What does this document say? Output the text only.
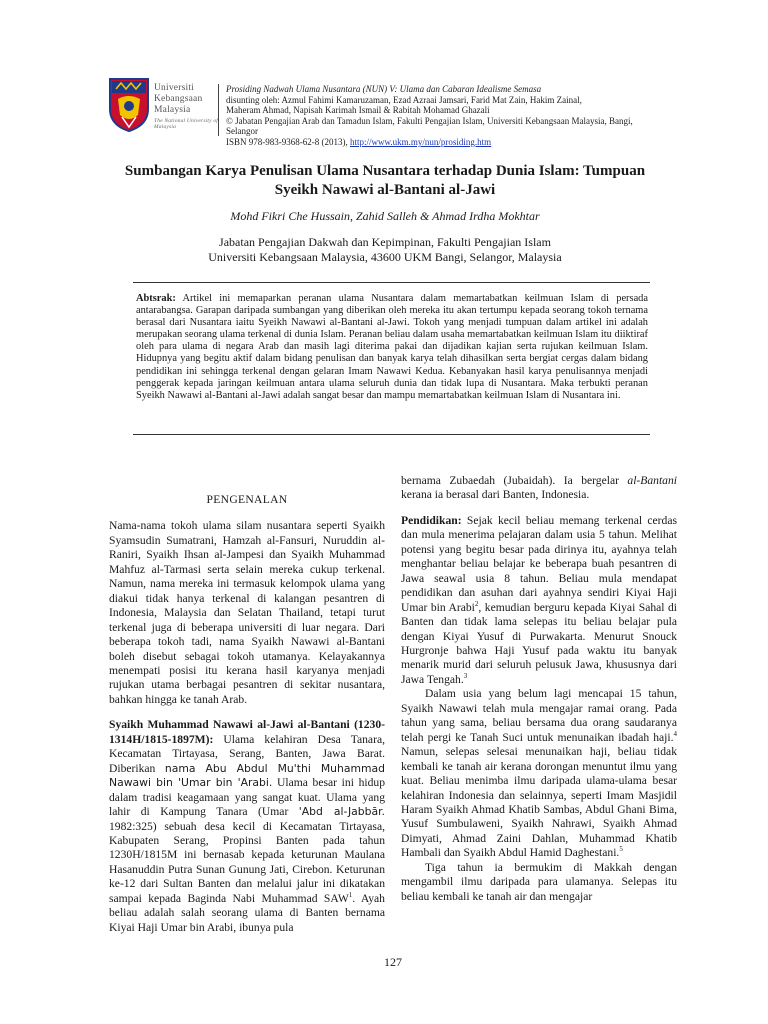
Universiti
Kebangsaan
Malaysia
The National University of Malaysia
Prosiding Nadwah Ulama Nusantara (NUN) V: Ulama dan Cabaran Idealisme Semasa
disunting oleh: Azmul Fahimi Kamaruzaman, Ezad Azraai Jamsari, Farid Mat Zain, Hakim Zainal,
Maheram Ahmad, Napisah Karimah Ismail & Rabitah Mohamad Ghazali
© Jabatan Pengajian Arab dan Tamadun Islam, Fakulti Pengajian Islam, Universiti Kebangsaan Malaysia, Bangi, Selangor
ISBN 978-983-9368-62-8 (2013), http://www.ukm.my/nun/prosiding.htm
Sumbangan Karya Penulisan Ulama Nusantara terhadap Dunia Islam: Tumpuan
Syeikh Nawawi al-Bantani al-Jawi
Mohd Fikri Che Hussain, Zahid Salleh & Ahmad Irdha Mokhtar
Jabatan Pengajian Dakwah dan Kepimpinan, Fakulti Pengajian Islam
Universiti Kebangsaan Malaysia, 43600 UKM Bangi, Selangor, Malaysia
Abtsrak: Artikel ini memaparkan peranan ulama Nusantara dalam memartabatkan keilmuan Islam di persada antarabangsa. Garapan daripada sumbangan yang diberikan oleh mereka itu akan tertumpu kepada seorang tokoh ternama berasal dari Nusantara iaitu Syeikh Nawawi al-Bantani al-Jawi. Tokoh yang menjadi tumpuan dalam artikel ini adalah merupakan seorang ulama terkenal di dunia Islam. Peranan beliau dalam usaha memartabatkan keilmuan Islam itu diiktiraf oleh para ulama di negara Arab dan masih lagi diterima pakai dan dijadikan kajian serta rujukan keilmuan Islam. Hidupnya yang begitu aktif dalam bidang penulisan dan banyak karya telah dihasilkan serta bergiat cergas dalam bidang pendidikan ini sehingga terkenal dengan gelaran Imam Nawawi Kedua. Kebanyakan hasil karya penulisannya menjadi penggerak kepada jaringan keilmuan antara ulama seluruh dunia dan tidak lupa di Nusantara. Maka terbukti peranan Syeikh Nawawi al-Bantani al-Jawi adalah sangat besar dan mampu memartabatkan keilmuan Islam di Nusantara ini.
PENGENALAN

Nama-nama tokoh ulama silam nusantara seperti Syaikh Syamsudin Sumatrani, Hamzah al-Fansuri, Nuruddin al-Raniri, Syaikh Ihsan al-Jampesi dan Syaikh Muhammad Mahfuz al-Tarmasi serta selain mereka cukup terkenal. Namun, nama mereka ini termasuk kelompok ulama yang diakui tidak hanya terkenal di kalangan pesantren di Indonesia, Malaysia dan Selatan Thailand, tetapi turut terkenal juga di beberapa universiti di luar negara. Dari beberapa tokoh tadi, nama Syaikh Nawawi al-Bantani boleh disebut sebagai tokoh utamanya. Kelayakannya menempati posisi itu kerana hasil karyanya menjadi rujukan utama berbagai pesantren di sekitar nusantara, bahkan hingga ke tanah Arab.

Syaikh Muhammad Nawawi al-Jawi al-Bantani (1230-1314H/1815-1897M): Ulama kelahiran Desa Tanara, Kecamatan Tirtayasa, Serang, Banten, Jawa Barat. Diberikan nama Abu Abdul Mu'thi Muhammad Nawawi bin 'Umar bin 'Arabi. Ulama besar ini hidup dalam tradisi keagamaan yang sangat kuat. Ulama yang lahir di Kampung Tanara (Umar 'Abd al-Jabbār. 1982:325) sebuah desa kecil di Kecamatan Tirtayasa, Kabupaten Serang, Propinsi Banten pada tahun 1230H/1815M ini bernasab kepada keturunan Maulana Hasanuddin Putra Sunan Gunung Jati, Cirebon. Keturunan ke-12 dari Sultan Banten dan melalui jalur ini dikatakan sampai kepada Baginda Nabi Muhammad SAW$^1$. Ayah beliau adalah salah seorang ulama di Banten bernama Kiyai Haji Umar bin Arabi, ibunya pula

bernama Zubaedah (Jubaidah). Ia bergelar al-Bantani kerana ia berasal dari Banten, Indonesia.

Pendidikan: Sejak kecil beliau memang terkenal cerdas dan mula menerima pelajaran dalam usia 5 tahun. Melihat potensi yang begitu besar pada dirinya itu, ayahnya telah menghantar beliau belajar ke beberapa buah pesantren di Jawa seawal usia 8 tahun. Beliau mula mendapat pendidikan dan asuhan dari ayahnya sendiri Kiyai Haji Umar bin Arabi$^2$, kemudian berguru kepada Kiyai Sahal di Banten dan tidak lama selepas itu beliau belajar pula dengan Kiyai Yusuf di Purwakarta. Menurut Snouck Hurgronje bahwa Haji Yusuf pada waktu itu banyak menarik murid dari seluruh pelusuk Jawa, khususnya dari Jawa Tengah.$^3$

Dalam usia yang belum lagi mencapai 15 tahun, Syaikh Nawawi telah mula mengajar ramai orang. Pada tahun yang sama, beliau bersama dua orang saudaranya telah pergi ke Tanah Suci untuk menunaikan ibadah haji.$^4$ Namun, selepas selesai menunaikan haji, beliau tidak kembali ke tanah air kerana dorongan menuntut ilmu yang kuat. Beliau menimba ilmu daripada ulama-ulama besar kelahiran Indonesia dan selainnya, seperti Imam Masjidil Haram Syaikh Ahmad Khatib Sambas, Abdul Ghani Bima, Yusuf Sumbulaweni, Syaikh Nahrawi, Syaikh Ahmad Dimyati, Ahmad Zaini Dahlan, Muhammad Khatib Hambali dan Syaikh Abdul Hamid Daghestani.$^5$

Tiga tahun ia bermukim di Makkah dengan mengambil ilmu daripada para ulamanya. Selepas itu beliau kembali ke tanah air dan mengajar

127
